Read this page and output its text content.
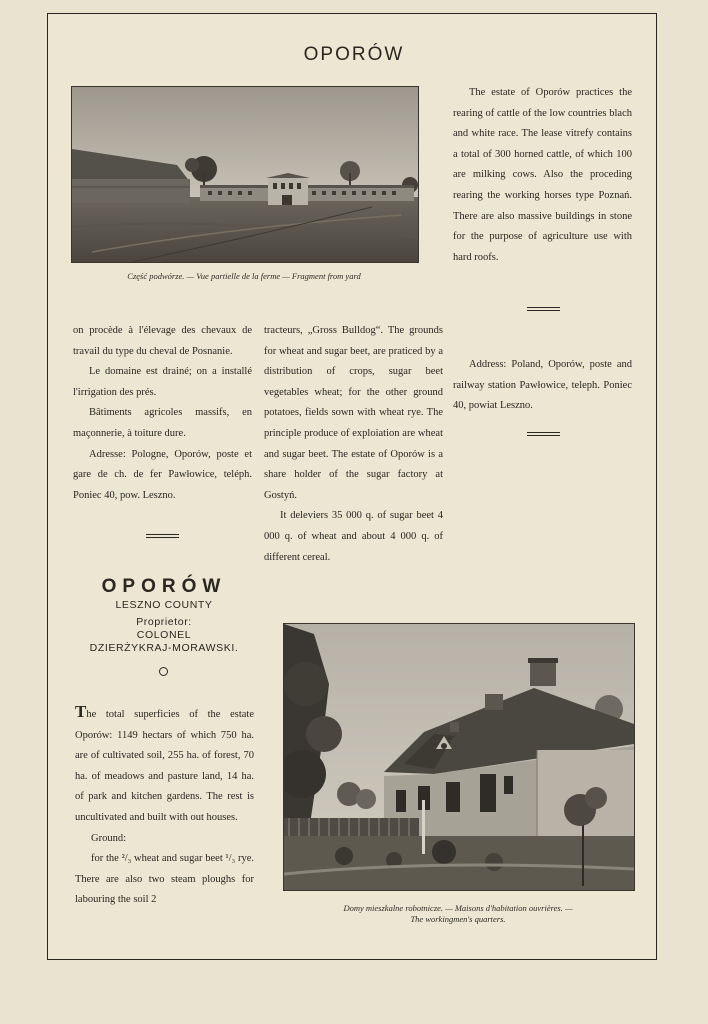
OPORÓW
Część podwórze. — Vue partielle de la ferme — Fragment from yard

The estate of Oporów practices the rearing of cattle of the low countries blach and white race. The lease vitrefy contains a total of 300 horned cattle, of which 100 are milking cows. Also the proceding rearing the working horses type Poznań. There are also massive buildings in stone for the purpose of agriculture use with hard roofs.

on procède à l'élevage des chevaux de travail du type du cheval de Posnanie.

Le domaine est drainé; on a installé l'irrigation des prés.

Bâtiments agricoles massifs, en maçonnerie, à toiture dure.

Adresse: Pologne, Oporów, poste et gare de ch. de fer Pawłowice, teléph. Poniec 40, pow. Leszno.

tracteurs, „Gross Bulldog“. The grounds for wheat and sugar beet, are praticed by a distribution of crops, sugar beet vegetables wheat; for the other ground potatoes, fields sown with wheat rye. The principle produce of exploiation are wheat and sugar beet. The estate of Oporów is a share holder of the sugar factory at Gostyń.

It deleviers 35 000 q. of sugar beet 4 000 q. of wheat and about 4 000 q. of different cereal.

Address: Poland, Oporów, poste and railway station Pawłowice, teleph. Poniec 40, powiat Leszno.

OPORÓW
LESZNO COUNTY
Proprietor:
COLONEL
DZIERŻYKRAJ-MORAWSKI.

The total superficies of the estate Oporów: 1149 hectars of which 750 ha. are of cultivated soil, 255 ha. of forest, 70 ha. of meadows and pasture land, 14 ha. of park and kitchen gardens. The rest is uncultivated and built with out houses.

Ground:

for the ²/₃ wheat and sugar beet ¹/₃ rye. There are also two steam ploughs for labouring the soil 2

Domy mieszkalne robotnicze. — Maisons d'habitation ouvrières. —
The workingmen's quarters.
